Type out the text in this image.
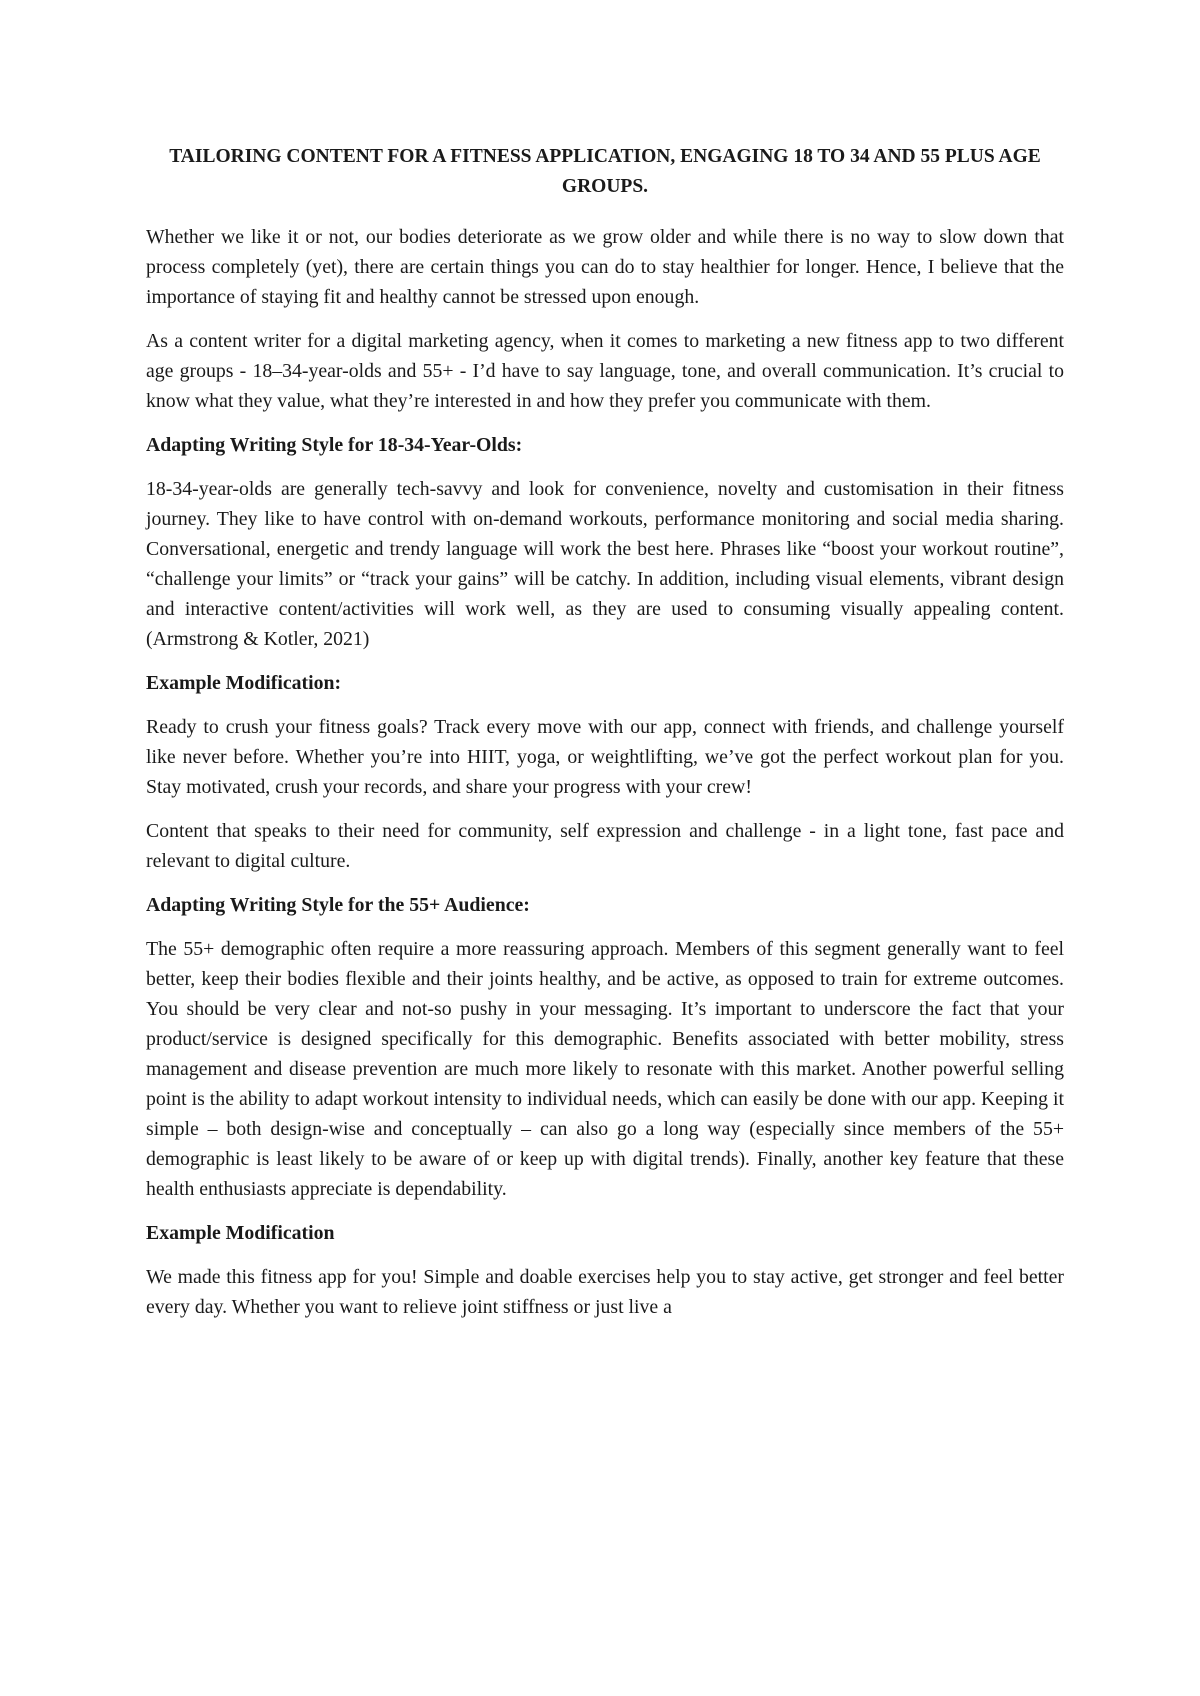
TAILORING CONTENT FOR A FITNESS APPLICATION, ENGAGING 18 TO 34 AND 55 PLUS AGE GROUPS.

Whether we like it or not, our bodies deteriorate as we grow older and while there is no way to slow down that process completely (yet), there are certain things you can do to stay healthier for longer. Hence, I believe that the importance of staying fit and healthy cannot be stressed upon enough.

As a content writer for a digital marketing agency, when it comes to marketing a new fitness app to two different age groups - 18–34-year-olds and 55+ - I’d have to say language, tone, and overall communication. It’s crucial to know what they value, what they’re interested in and how they prefer you communicate with them.

Adapting Writing Style for 18-34-Year-Olds:

18-34-year-olds are generally tech-savvy and look for convenience, novelty and customisation in their fitness journey. They like to have control with on-demand workouts, performance monitoring and social media sharing. Conversational, energetic and trendy language will work the best here. Phrases like “boost your workout routine”, “challenge your limits” or “track your gains” will be catchy. In addition, including visual elements, vibrant design and interactive content/activities will work well, as they are used to consuming visually appealing content. (Armstrong & Kotler, 2021)

Example Modification:

Ready to crush your fitness goals? Track every move with our app, connect with friends, and challenge yourself like never before. Whether you’re into HIIT, yoga, or weightlifting, we’ve got the perfect workout plan for you. Stay motivated, crush your records, and share your progress with your crew!

Content that speaks to their need for community, self expression and challenge - in a light tone, fast pace and relevant to digital culture.

Adapting Writing Style for the 55+ Audience:

The 55+ demographic often require a more reassuring approach. Members of this segment generally want to feel better, keep their bodies flexible and their joints healthy, and be active, as opposed to train for extreme outcomes. You should be very clear and not-so pushy in your messaging. It’s important to underscore the fact that your product/service is designed specifically for this demographic. Benefits associated with better mobility, stress management and disease prevention are much more likely to resonate with this market. Another powerful selling point is the ability to adapt workout intensity to individual needs, which can easily be done with our app. Keeping it simple – both design-wise and conceptually – can also go a long way (especially since members of the 55+ demographic is least likely to be aware of or keep up with digital trends). Finally, another key feature that these health enthusiasts appreciate is dependability.

Example Modification

We made this fitness app for you! Simple and doable exercises help you to stay active, get stronger and feel better every day. Whether you want to relieve joint stiffness or just live a
